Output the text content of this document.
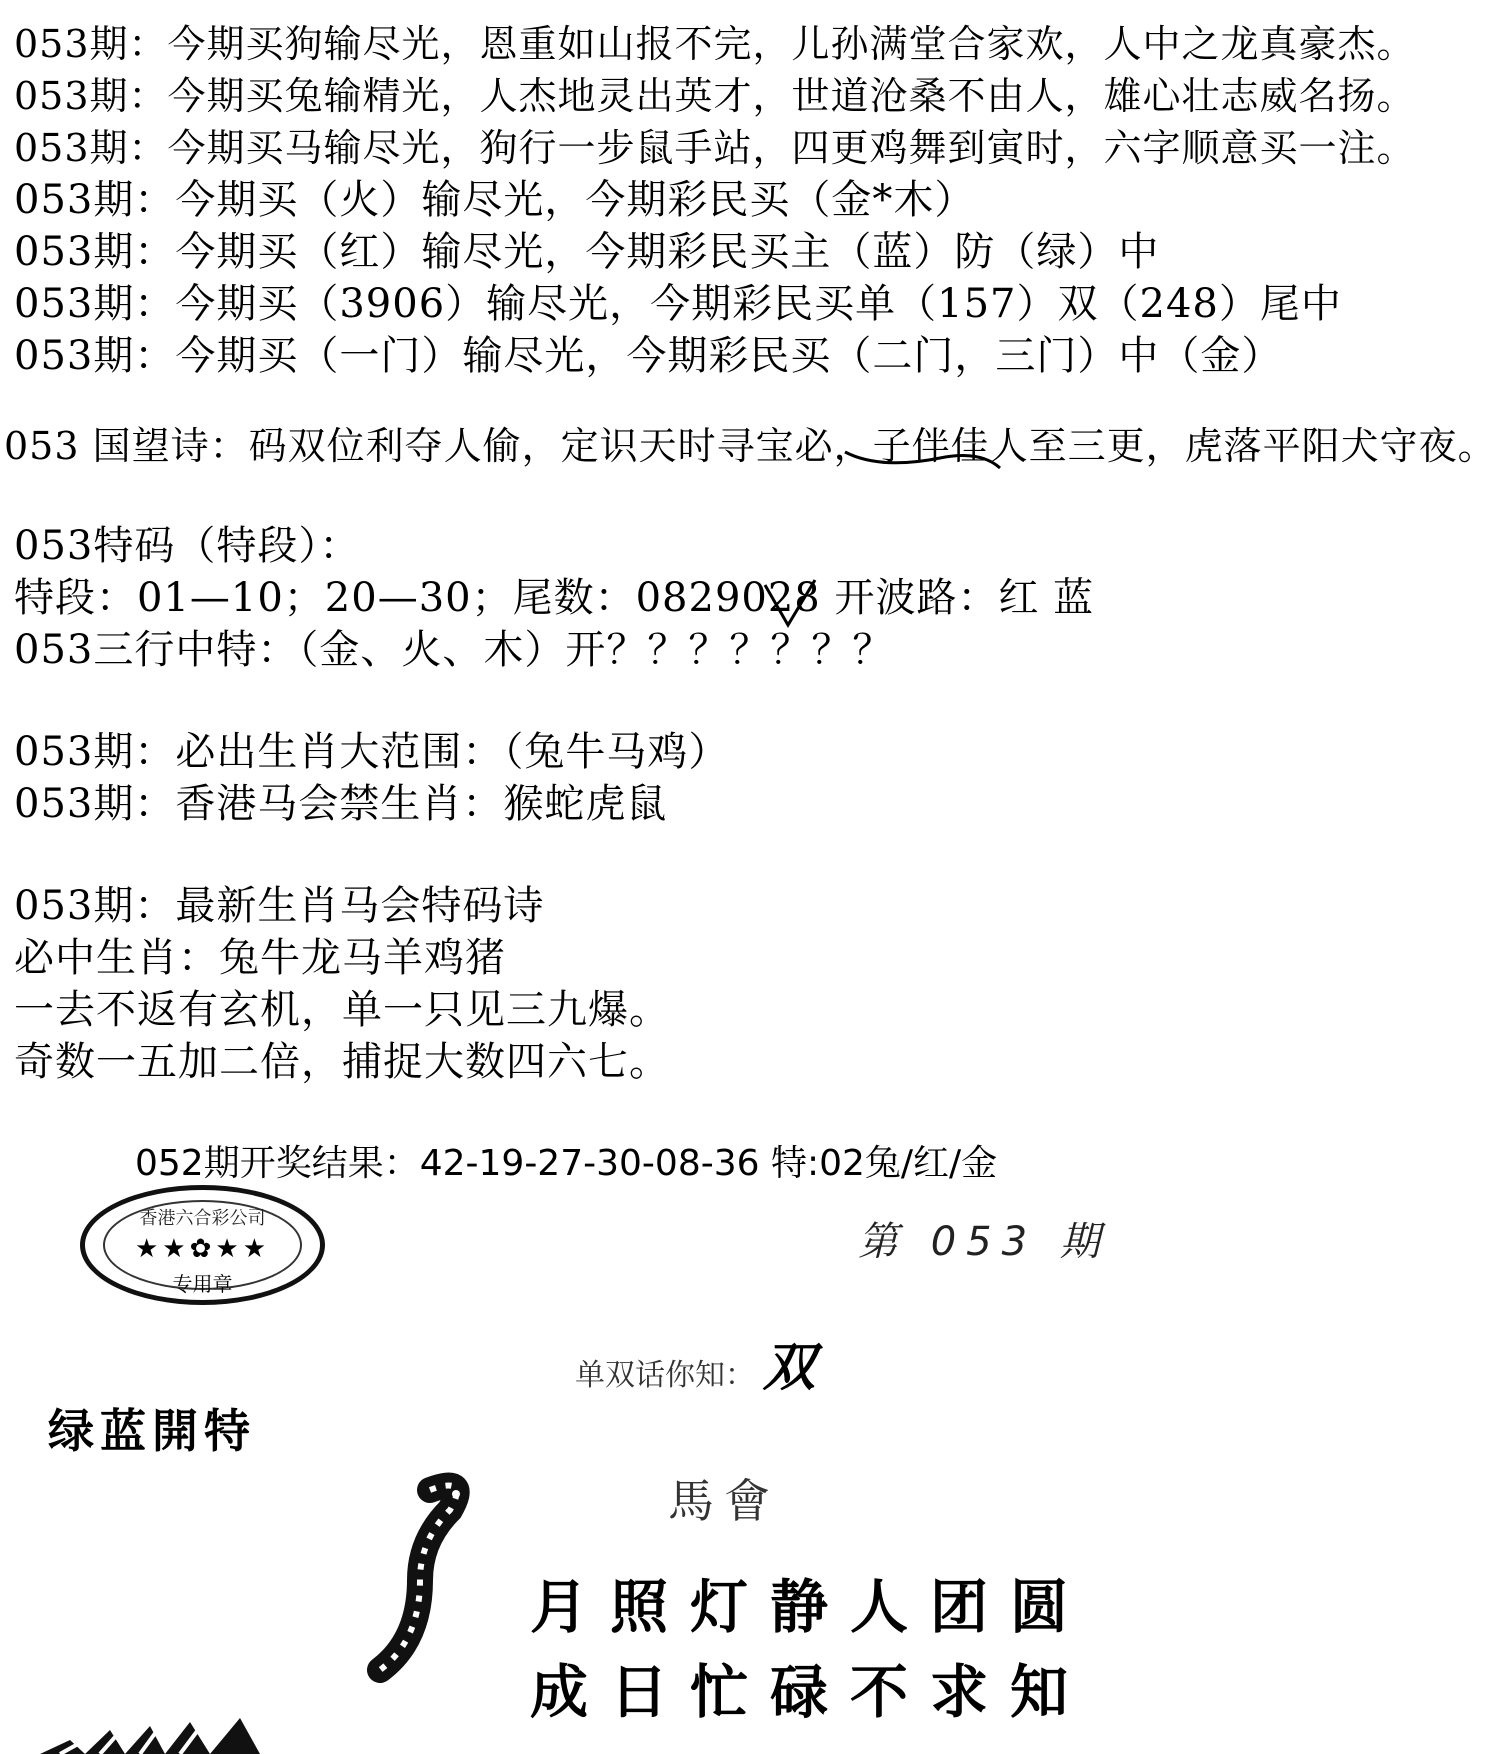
053期：今期买狗输尽光，恩重如山报不完，儿孙满堂合家欢，人中之龙真豪杰。
053期：今期买兔输精光，人杰地灵出英才，世道沧桑不由人，雄心壮志威名扬。
053期：今期买马输尽光，狗行一步鼠手站，四更鸡舞到寅时，六字顺意买一注。
053期：今期买（火）输尽光，今期彩民买（金*木）
053期：今期买（红）输尽光，今期彩民买主（蓝）防（绿）中
053期：今期买（3906）输尽光，今期彩民买单（157）双（248）尾中
053期：今期买（一门）输尽光，今期彩民买（二门，三门）中（金）
053 国望诗：码双位利夺人偷，定识天时寻宝必，子伴佳人至三更，虎落平阳犬守夜。
053特码（特段）：
特段：01—10；20—30；尾数：0829028 开波路：红 蓝
053三行中特：（金、火、木）开？？？？？？？
053期：必出生肖大范围：（兔牛马鸡）
053期：香港马会禁生肖：猴蛇虎鼠
053期：最新生肖马会特码诗
必中生肖：兔牛龙马羊鸡猪
一去不返有玄机，单一只见三九爆。
奇数一五加二倍，捕捉大数四六七。
052期开奖结果：42-19-27-30-08-36 特:02兔/红/金
香港六合彩公司
★★✿★★
专用章
第 053 期
单双话你知： 双
绿蓝開特
馬會
月照灯静人团圆
成日忙碌不求知
